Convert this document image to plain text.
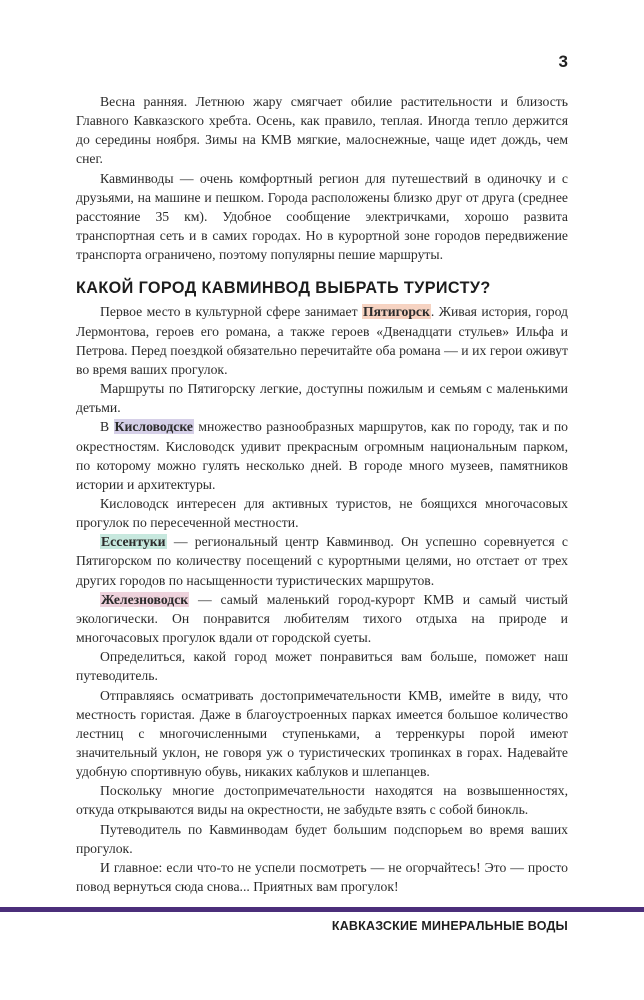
3

Весна ранняя. Летнюю жару смягчает обилие растительности и близость Главного Кавказского хребта. Осень, как правило, теплая. Иногда тепло держится до середины ноября. Зимы на КМВ мягкие, малоснежные, чаще идет дождь, чем снег.

Кавминводы — очень комфортный регион для путешествий в одиночку и с друзьями, на машине и пешком. Города расположены близко друг от друга (среднее расстояние 35 км). Удобное сообщение электричками, хорошо развита транспортная сеть и в самих городах. Но в курортной зоне городов передвижение транспорта ограничено, поэтому популярны пешие маршруты.

КАКОЙ ГОРОД КАВМИНВОД ВЫБРАТЬ ТУРИСТУ?

Первое место в культурной сфере занимает Пятигорск. Живая история, город Лермонтова, героев его романа, а также героев «Двенадцати стульев» Ильфа и Петрова. Перед поездкой обязательно перечитайте оба романа — и их герои оживут во время ваших прогулок.

Маршруты по Пятигорску легкие, доступны пожилым и семьям с маленькими детьми.

В Кисловодске множество разнообразных маршрутов, как по городу, так и по окрестностям. Кисловодск удивит прекрасным огромным национальным парком, по которому можно гулять несколько дней. В городе много музеев, памятников истории и архитектуры.

Кисловодск интересен для активных туристов, не боящихся многочасовых прогулок по пересеченной местности.

Ессентуки — региональный центр Кавминвод. Он успешно соревнуется с Пятигорском по количеству посещений с курортными целями, но отстает от трех других городов по насыщенности туристических маршрутов.

Железноводск — самый маленький город-курорт КМВ и самый чистый экологически. Он понравится любителям тихого отдыха на природе и многочасовых прогулок вдали от городской суеты.

Определиться, какой город может понравиться вам больше, поможет наш путеводитель.

Отправляясь осматривать достопримечательности КМВ, имейте в виду, что местность гористая. Даже в благоустроенных парках имеется большое количество лестниц с многочисленными ступеньками, а терренкуры порой имеют значительный уклон, не говоря уж о туристических тропинках в горах. Надевайте удобную спортивную обувь, никаких каблуков и шлепанцев.

Поскольку многие достопримечательности находятся на возвышенностях, откуда открываются виды на окрестности, не забудьте взять с собой бинокль.

Путеводитель по Кавминводам будет большим подспорьем во время ваших прогулок.

И главное: если что-то не успели посмотреть — не огорчайтесь! Это — просто повод вернуться сюда снова... Приятных вам прогулок!

КАВКАЗСКИЕ МИНЕРАЛЬНЫЕ ВОДЫ
